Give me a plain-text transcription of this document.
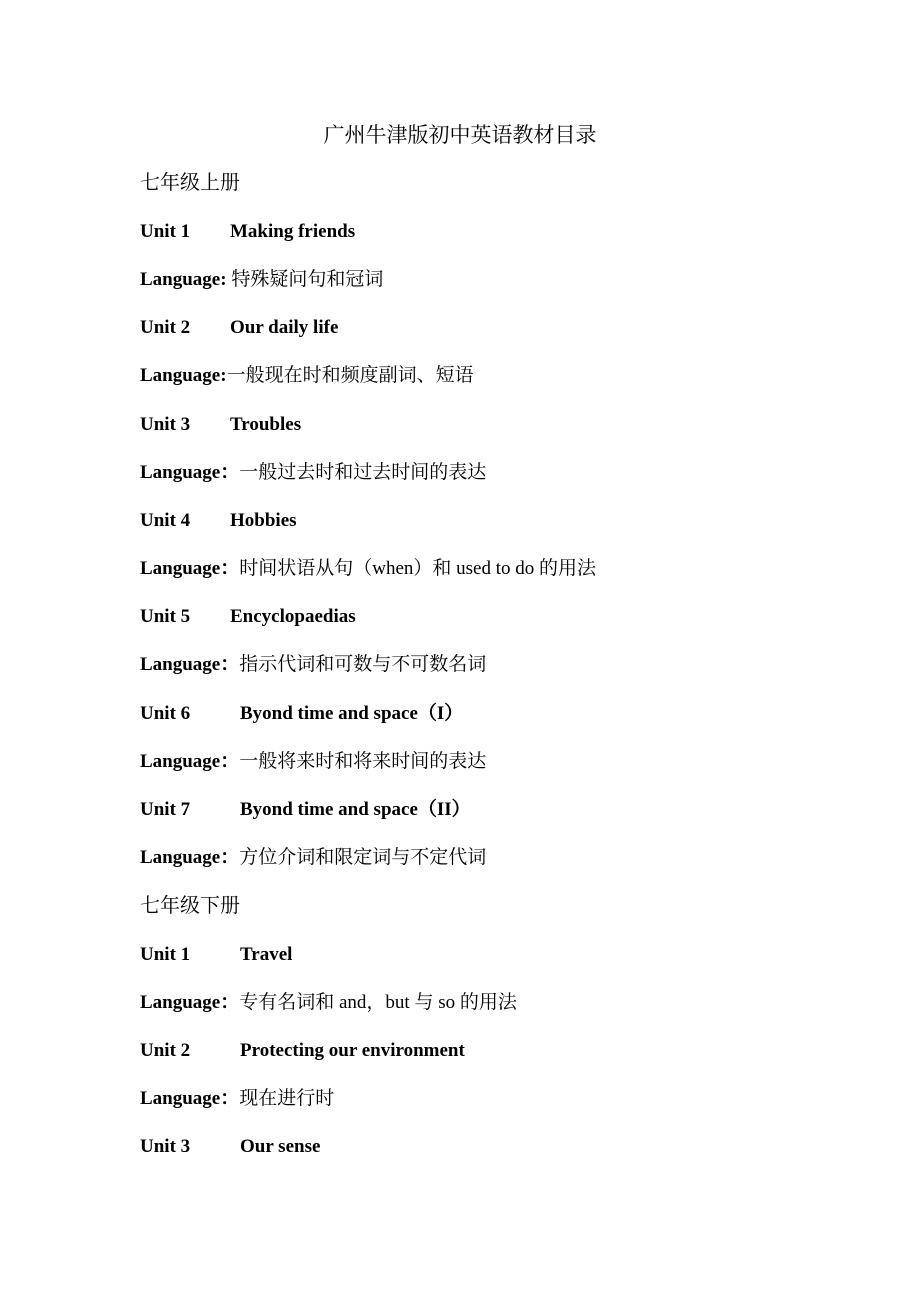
广州牛津版初中英语教材目录
七年级上册
Unit 1 Making friends
Language: 特殊疑问句和冠词
Unit 2 Our daily life
Language:一般现在时和频度副词、短语
Unit 3 Troubles
Language：一般过去时和过去时间的表达
Unit 4 Hobbies
Language：时间状语从句（when）和 used to do 的用法
Unit 5 Encyclopaedias
Language：指示代词和可数与不可数名词
Unit 6	Byond time and space（I）
Language：一般将来时和将来时间的表达
Unit 7	Byond time and space（II）
Language：方位介词和限定词与不定代词
七年级下册
Unit 1	Travel
Language：专有名词和 and，but 与 so 的用法
Unit 2	Protecting our environment
Language：现在进行时
Unit 3	Our sense
